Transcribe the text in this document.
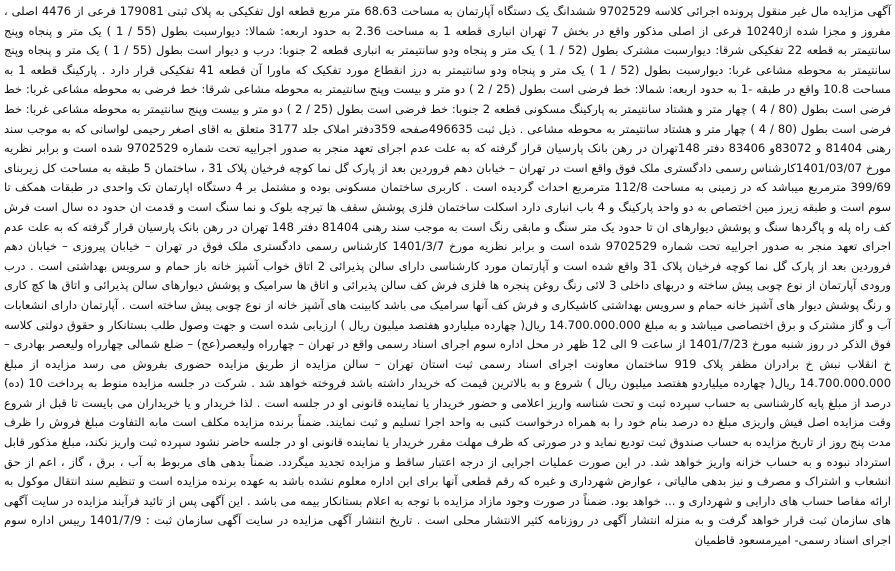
آگهی مزایده مال غیر منقول پرونده اجرائی کلاسه 9702529 ششدانگ یک دستگاه آپارتمان به مساحت 68.63 متر مربع قطعه اول تفکیکی به پلاک ثبتی 179081 فرعی از 4476 اصلی ، مفروز و مجزا شده از10240 فرعی از اصلی مذکور واقع در بخش 7 تهران انباری قطعه 1 به مساحت 2.36 به حدود اربعه: شمالا: دیوارسبت بطول (55 / 1 ) یک متر و پنجاه وپنج سانتیمتر به قطعه 22 تفکیکی شرقا: دیوارسبت مشترک بطول (52 / 1 ) یک متر و پنجاه ودو سانتیمتر به انباری قطعه 2 جنوبا: درب و دیوار است بطول (55 / 1 ) یک متر و پنجاه وپنج سانتیمتر به محوطه مشاعی غربا: دیوارسبت بطول (52 / 1 ) یک متر و پنجاه ودو سانتیمتر به درز انقطاع مورد تفکیک که ماورا آن قطعه 41 تفکیکی قرار دارد . پارکینگ قطعه 1 به مساحت 10.8 واقع در طبقه -1 به حدود اربعه: شمالا: خط فرضی است بطول (25 / 2 ) دو متر و بیست وپنج سانتیمتر به محوطه مشاعی شرقا: خط فرضی به محوطه مشاعی غربا: خط فرضی است بطول (80 / 4 ) چهار متر و هشتاد سانتیمتر به پارکینگ مسکونی قطعه 2 جنوبا: خط فرضی است بطول (25 / 2 ) دو متر و بیست وپنج سانتیمتر به محوطه مشاعی غربا: خط فرضی است بطول (80 / 4 ) چهار متر و هشتاد سانتیمتر به محوطه مشاعی . ذیل ثبت 496635صفحه 359دفتر املاک جلد 3177 متعلق به اقای اصغر رحیمی لواسانی که به موجب سند رهنی 81404 و 83072و 83406 دفتر 148تهران در رهن بانک پارسیان قرار گرفته که به علت عدم اجرای تعهد منجر به صدور اجراییه تحت شماره 9702529 شده است و برابر نظریه مورخ 1401/03/07کارشناس رسمی دادگستری ملک فوق واقع است در تهران – خیابان دهم فروردین بعد از پارک گل نما کوچه فرخیان پلاک 31 ، ساختمان 5 طبقه به مساحت کل زیربنای 399/69 مترمربع میباشد که در زمینی به مساحت 112/8 مترمربع احداث گردیده است . کاربری ساختمان مسکونی بوده و مشتمل بر 4 دستگاه اپارتمان تک واحدی در طبقات همکف تا سوم است و طبقه زیرز مین اختصاص به دو واحد پارکینگ و 4 باب انباری دارد اسکلت ساختمان فلزی پوشش سقف ها تیرچه بلوک و نما سنگ است و قدمت ان حدود ده سال است فرش کف راه پله و پاگردها سنگ و پوشش دیوارهای ان تا حدود یک متر سنگ و مابقی رنگ است به موجب سند رهنی 81404 دفتر 148 تهران در رهن بانک پارسیان قرار گرفته که به علت عدم اجرای تعهد منجر به صدور اجراییه تحت شماره 9702529 شده است و برابر نظریه مورخ 1401/3/7 کارشناس رسمی دادگستری ملک فوق در تهران – خیابان پیروزی – خیابان دهم فروردین بعد از پارک گل نما کوچه فرخیان پلاک 31 واقع شده است و آپارتمان مورد کارشناسی دارای سالن پذیرائی 2 اتاق خواب آشپز خانه باز حمام و سرویس بهداشتی است . درب ورودی آپارتمان از نوع چوبی پیش ساخته و دربهای داخلی 3 لائی رنگ روغن پنجره ها فلزی فرش کف سالن پذیرائی و اتاق ها سرامیک و پوشش دیوارهای سالن پذیرائی و اتاق ها کچ کاری و رنگ پوشش دیوار های آشپز خانه حمام و سرویس بهداشتی کاشیکاری و فرش کف آنها سرامیک می باشد کابینت های آشپز خانه از نوع چوبی پیش ساخته است . آپارتمان دارای انشعابات آب و گاز مشترک و برق اختصاصی میباشد و به مبلغ 14.700.000.000 ریال( چهارده میلیاردو هفتصد میلیون ریال ) ارزیابی شده است و جهت وصول طلب بستانکار و حقوق دولتی کلاسه فوق الذکر در روز شنبه مورخ 1401/7/23 از ساعت 9 الی 12 ظهر در محل اداره سوم اجرای اسناد رسمی واقع در تهران – چهارراه ولیعصر(عج) – ضلع شمالی چهارراه ولیعصر بهادری – خ انقلاب نبش خ برادران مظفر پلاک 919 ساختمان معاونت اجرای اسناد رسمی ثبت استان تهران – سالن مزایده از طریق مزایده حضوری بفروش می رسد مزایده از مبلغ 14.700.000.000 ریال( چهارده میلیاردو هفتصد میلیون ریال ) شروع و به بالاترین قیمت که خریدار داشته باشد فروخته خواهد شد . شرکت در جلسه مزایده منوط به پرداخت 10 (ده) درصد از مبلغ پایه کارشناسی به حساب سپرده ثبت و تحت شناسه واریز اعلامی و حضور خریدار یا نماینده قانونی او در جلسه است . لذا خریدار و یا خریداران می بایست تا قبل از شروع وقت مزایده اصل فیش واریزی مبلغ ده درصد بنام خود را به همراه درخواست کتبی به واحد اجرا تسلیم و ثبت نمایند. ضمناً برنده مزایده مکلف است مابه التفاوت مبلغ فروش را ظرف مدت پنج روز از تاریخ مزایده به حساب صندوق ثبت تودیع نماید و در صورتی که ظرف مهلت مقرر خریدار یا نماینده قانونی او در جلسه حاضر نشود سپرده ثبت واریز نکند، مبلغ مذکور قابل استرداد نبوده و به حساب خزانه واریز خواهد شد. در این صورت عملیات اجرایی از درجه اعتبار ساقط و مزایده تجدید میگردد. ضمناً بدهی های مربوط به آب ، برق ، گاز ، اعم از حق انشعاب و اشتراک و مصرف و نیز بدهی مالیاتی ، عوارض شهرداری و غیره که رقم قطعی آنها برای این اداره معلوم نشده باشد به عهده برنده مزایده است و تنظیم سند انتقال موکول به ارائه مفاصا حساب های دارایی و شهرداری و ... خواهد بود. ضمناً در صورت وجود مازاد مزایده با توجه به اعلام بستانکار بیمه می باشد . این آگهی پس از تائید فرآیند مزایده در سایت آگهی های سازمان ثبت قرار خواهد گرفت و به منزله انتشار آگهی در روزنامه کثیر الانتشار محلی است . تاریخ انتشار آگهی مزایده در سایت آگهی سازمان ثبت : 1401/7/9 رییس اداره سوم اجرای اسناد رسمی- امیرمسعود قاطمیان
